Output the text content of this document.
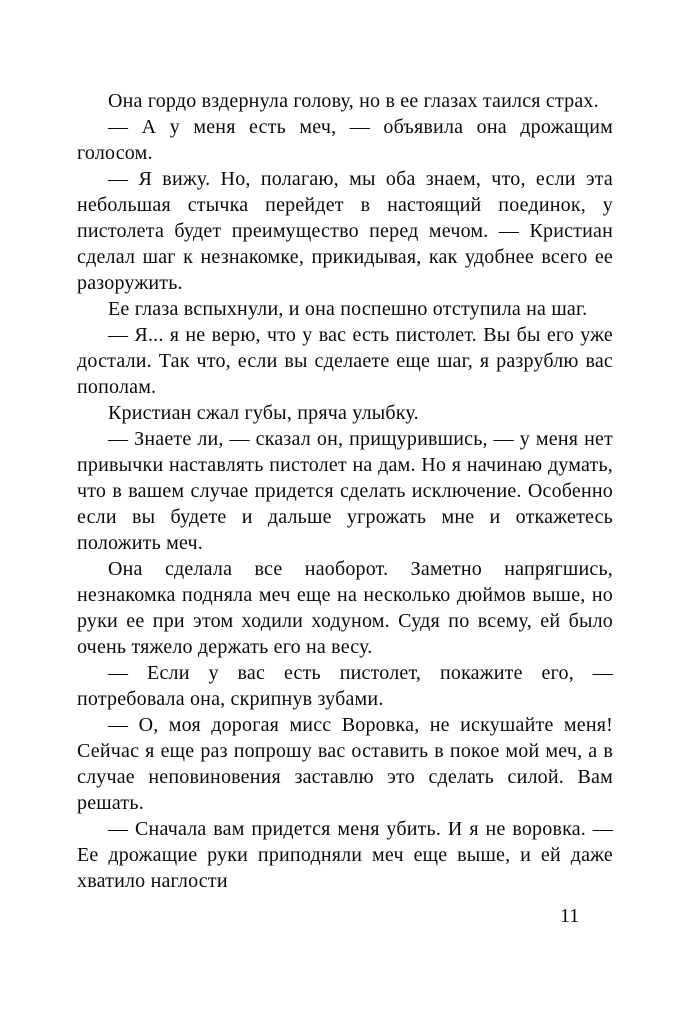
Она гордо вздернула голову, но в ее глазах таился страх.

— А у меня есть меч, — объявила она дрожащим голосом.

— Я вижу. Но, полагаю, мы оба знаем, что, если эта небольшая стычка перейдет в настоящий поединок, у пистолета будет преимущество перед мечом. — Кристиан сделал шаг к незнакомке, прикидывая, как удобнее всего ее разоружить.

Ее глаза вспыхнули, и она поспешно отступила на шаг.

— Я... я не верю, что у вас есть пистолет. Вы бы его уже достали. Так что, если вы сделаете еще шаг, я разрублю вас пополам.

Кристиан сжал губы, пряча улыбку.

— Знаете ли, — сказал он, прищурившись, — у меня нет привычки наставлять пистолет на дам. Но я начинаю думать, что в вашем случае придется сделать исключение. Особенно если вы будете и дальше угрожать мне и откажетесь положить меч.

Она сделала все наоборот. Заметно напрягшись, незнакомка подняла меч еще на несколько дюймов выше, но руки ее при этом ходили ходуном. Судя по всему, ей было очень тяжело держать его на весу.

— Если у вас есть пистолет, покажите его, — потребовала она, скрипнув зубами.

— О, моя дорогая мисс Воровка, не искушайте меня! Сейчас я еще раз попрошу вас оставить в покое мой меч, а в случае неповиновения заставлю это сделать силой. Вам решать.

— Сначала вам придется меня убить. И я не воровка. — Ее дрожащие руки приподняли меч еще выше, и ей даже хватило наглости

11
